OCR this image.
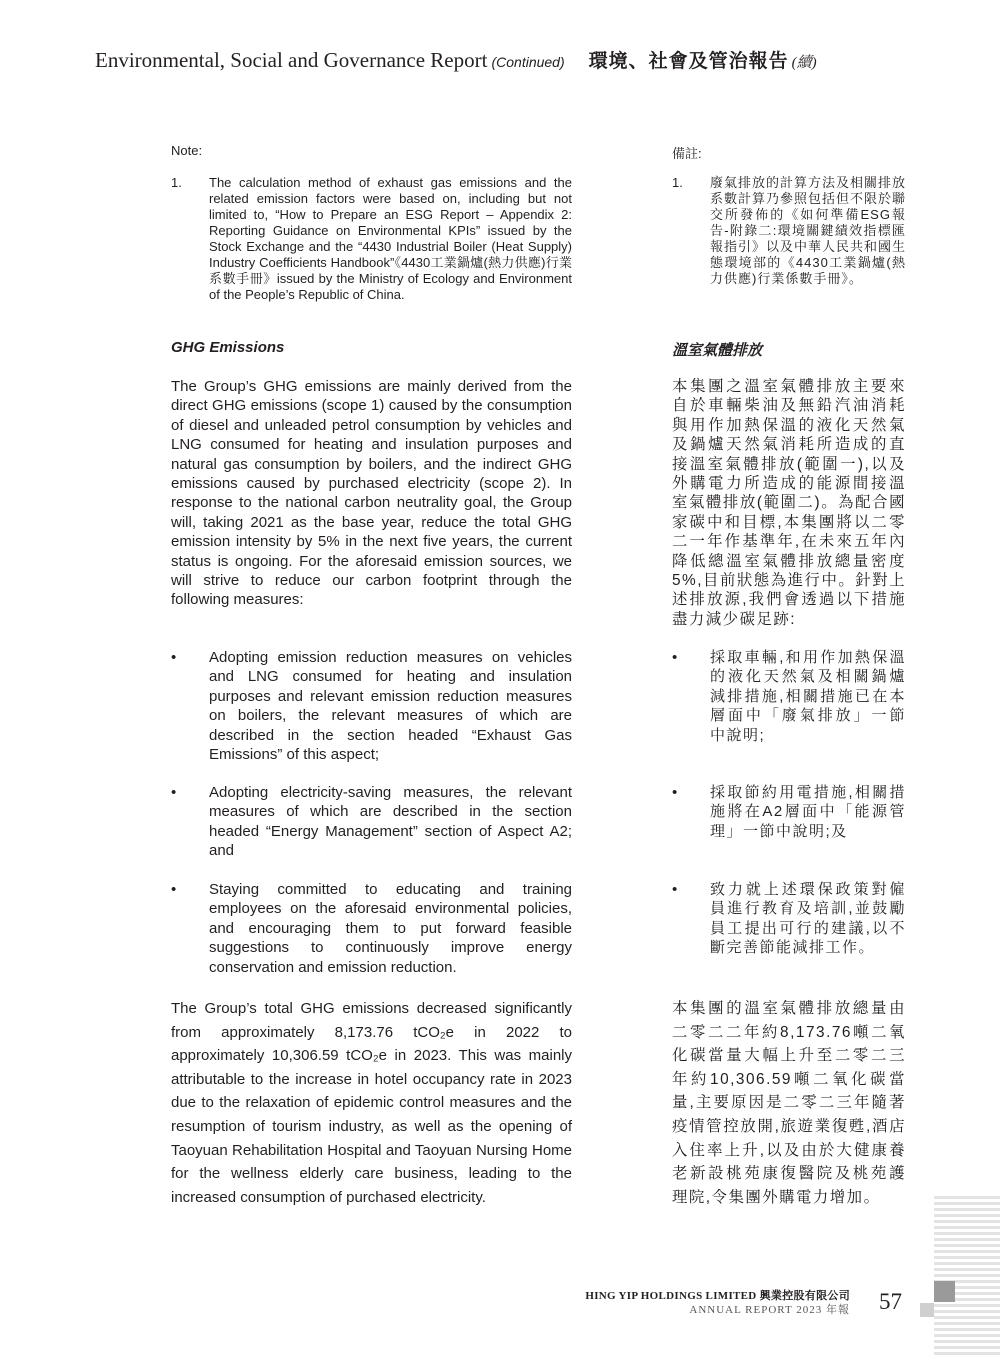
Environmental, Social and Governance Report (Continued) 環境、社會及管治報告 (續)
Note:
1.	The calculation method of exhaust gas emissions and the related emission factors were based on, including but not limited to, “How to Prepare an ESG Report – Appendix 2: Reporting Guidance on Environmental KPIs” issued by the Stock Exchange and the “4430 Industrial Boiler (Heat Supply) Industry Coefficients Handbook”《4430工業鍋爐(熱力供應)行業系數手冊》issued by the Ministry of Ecology and Environment of the People’s Republic of China.
GHG Emissions

The Group’s GHG emissions are mainly derived from the direct GHG emissions (scope 1) caused by the consumption of diesel and unleaded petrol consumption by vehicles and LNG consumed for heating and insulation purposes and natural gas consumption by boilers, and the indirect GHG emissions caused by purchased electricity (scope 2). In response to the national carbon neutrality goal, the Group will, taking 2021 as the base year, reduce the total GHG emission intensity by 5% in the next five years, the current status is ongoing. For the aforesaid emission sources, we will strive to reduce our carbon footprint through the following measures:

•	Adopting emission reduction measures on vehicles and LNG consumed for heating and insulation purposes and relevant emission reduction measures on boilers, the relevant measures of which are described in the section headed “Exhaust Gas Emissions” of this aspect;
•	Adopting electricity-saving measures, the relevant measures of which are described in the section headed “Energy Management” section of Aspect A2; and
•	Staying committed to educating and training employees on the aforesaid environmental policies, and encouraging them to put forward feasible suggestions to continuously improve energy conservation and emission reduction.

The Group’s total GHG emissions decreased significantly from approximately 8,173.76 tCO₂e in 2022 to approximately 10,306.59 tCO₂e in 2023. This was mainly attributable to the increase in hotel occupancy rate in 2023 due to the relaxation of epidemic control measures and the resumption of tourism industry, as well as the opening of Taoyuan Rehabilitation Hospital and Taoyuan Nursing Home for the wellness elderly care business, leading to the increased consumption of purchased electricity.

備註:
1.	廢氣排放的計算方法及相關排放系數計算乃參照包括但不限於聯交所發佈的《如何準備ESG報告-附錄二:環境關鍵績效指標匯報指引》以及中華人民共和國生態環境部的《4430工業鍋爐(熱力供應)行業係數手冊》。
溫室氣體排放

本集團之溫室氣體排放主要來自於車輛柴油及無鉛汽油消耗與用作加熱保溫的液化天然氣及鍋爐天然氣消耗所造成的直接溫室氣體排放(範圍一),以及外購電力所造成的能源間接溫室氣體排放(範圍二)。為配合國家碳中和目標,本集團將以二零二一年作基準年,在未來五年內降低總溫室氣體排放總量密度5%,目前狀態為進行中。針對上述排放源,我們會透過以下措施盡力減少碳足跡:

•	採取車輛,和用作加熱保溫的液化天然氣及相關鍋爐減排措施,相關措施已在本層面中「廢氣排放」一節中說明;
•	採取節約用電措施,相關措施將在A2層面中「能源管理」一節中說明;及
•	致力就上述環保政策對僱員進行教育及培訓,並鼓勵員工提出可行的建議,以不斷完善節能減排工作。

本集團的溫室氣體排放總量由二零二二年約8,173.76噸二氧化碳當量大幅上升至二零二三年約10,306.59噸二氧化碳當量,主要原因是二零二三年隨著疫情管控放開,旅遊業復甦,酒店入住率上升,以及由於大健康養老新設桃苑康復醫院及桃苑護理院,令集團外購電力增加。

HING YIP HOLDINGS LIMITED 興業控股有限公司
ANNUAL REPORT 2023 年報 57
